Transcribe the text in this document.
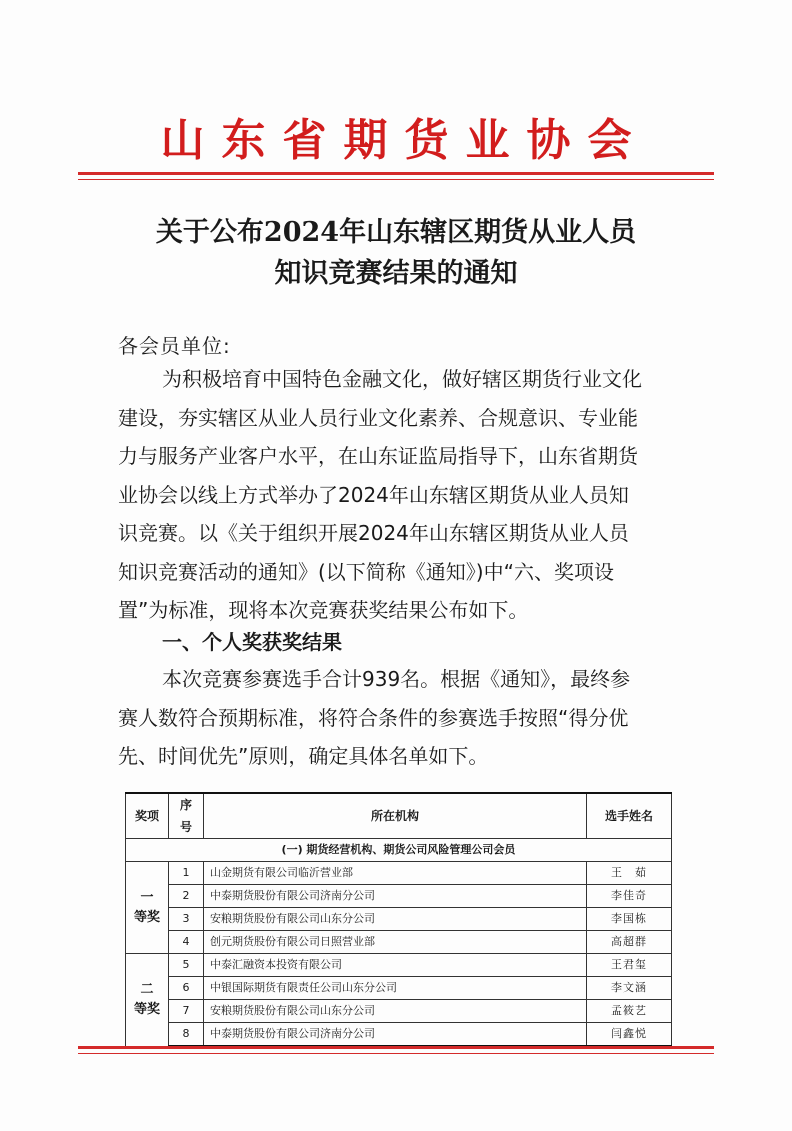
山东省期货业协会
关于公布2024年山东辖区期货从业人员
知识竞赛结果的通知
各会员单位:
为积极培育中国特色金融文化，做好辖区期货行业文化
建设，夯实辖区从业人员行业文化素养、合规意识、专业能
力与服务产业客户水平，在山东证监局指导下，山东省期货
业协会以线上方式举办了2024年山东辖区期货从业人员知
识竞赛。以《关于组织开展2024年山东辖区期货从业人员
知识竞赛活动的通知》(以下简称《通知》)中“六、奖项设
置”为标准，现将本次竞赛获奖结果公布如下。
一、个人奖获奖结果
本次竞赛参赛选手合计939名。根据《通知》，最终参
赛人数符合预期标准，将符合条件的参赛选手按照“得分优
先、时间优先”原则，确定具体名单如下。
奖项	序号	所在机构	选手姓名
(一) 期货经营机构、期货公司风险管理公司会员			
一
等奖	1	山金期货有限公司临沂营业部	王　茹
	2	中泰期货股份有限公司济南分公司	李佳奇
	3	安粮期货股份有限公司山东分公司	李国栋
	4	创元期货股份有限公司日照营业部	高超群
二
等奖	5	中泰汇融资本投资有限公司	王君玺
	6	中银国际期货有限责任公司山东分公司	李文涵
	7	安粮期货股份有限公司山东分公司	孟筱艺
	8	中泰期货股份有限公司济南分公司	闫鑫悦
